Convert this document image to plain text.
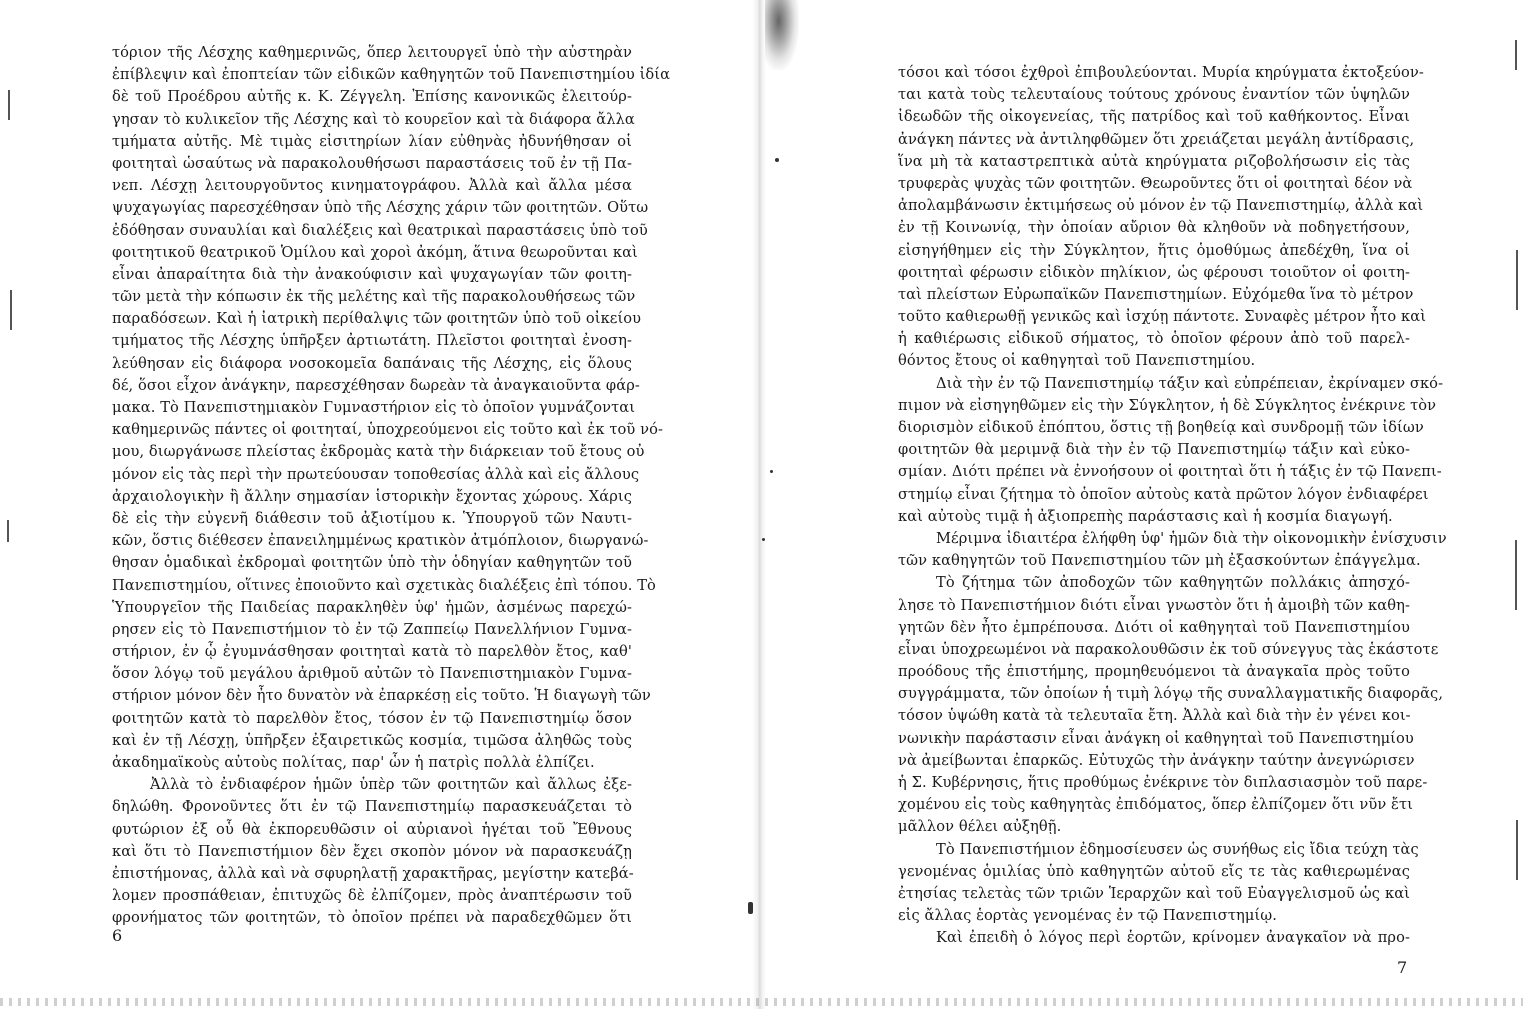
τόριον τῆς Λέσχης καθημερινῶς, ὅπερ λειτουργεῖ ὑπὸ τὴν αὐστηρὰν
ἐπίβλεψιν καὶ ἐποπτείαν τῶν εἰδικῶν καθηγητῶν τοῦ Πανεπιστημίου ἰδία
δὲ τοῦ Προέδρου αὐτῆς κ. Κ. Ζέγγελη. Ἐπίσης κανονικῶς ἐλειτούρ-
γησαν τὸ κυλικεῖον τῆς Λέσχης καὶ τὸ κουρεῖον καὶ τὰ διάφορα ἄλλα
τμήματα αὐτῆς. Μὲ τιμὰς εἰσιτηρίων λίαν εὐθηνὰς ἠδυνήθησαν οἱ
φοιτηταὶ ὡσαύτως νὰ παρακολουθήσωσι παραστάσεις τοῦ ἐν τῇ Πα-
νεπ. Λέσχῃ λειτουργοῦντος κινηματογράφου. Ἀλλὰ καὶ ἄλλα μέσα
ψυχαγωγίας παρεσχέθησαν ὑπὸ τῆς Λέσχης χάριν τῶν φοιτητῶν. Οὕτω
ἐδόθησαν συναυλίαι καὶ διαλέξεις καὶ θεατρικαὶ παραστάσεις ὑπὸ τοῦ
φοιτητικοῦ θεατρικοῦ Ὁμίλου καὶ χοροὶ ἀκόμη, ἅτινα θεωροῦνται καὶ
εἶναι ἀπαραίτητα διὰ τὴν ἀνακούφισιν καὶ ψυχαγωγίαν τῶν φοιτη-
τῶν μετὰ τὴν κόπωσιν ἐκ τῆς μελέτης καὶ τῆς παρακολουθήσεως τῶν
παραδόσεων. Καὶ ἡ ἰατρικὴ περίθαλψις τῶν φοιτητῶν ὑπὸ τοῦ οἰκείου
τμήματος τῆς Λέσχης ὑπῆρξεν ἀρτιωτάτη. Πλεῖστοι φοιτηταὶ ἐνοση-
λεύθησαν εἰς διάφορα νοσοκομεῖα δαπάναις τῆς Λέσχης, εἰς ὅλους
δέ, ὅσοι εἶχον ἀνάγκην, παρεσχέθησαν δωρεὰν τὰ ἀναγκαιοῦντα φάρ-
μακα. Τὸ Πανεπιστημιακὸν Γυμναστήριον εἰς τὸ ὁποῖον γυμνάζονται
καθημερινῶς πάντες οἱ φοιτηταί, ὑποχρεούμενοι εἰς τοῦτο καὶ ἐκ τοῦ νό-
μου, διωργάνωσε πλείστας ἐκδρομὰς κατὰ τὴν διάρκειαν τοῦ ἔτους οὐ
μόνον εἰς τὰς περὶ τὴν πρωτεύουσαν τοποθεσίας ἀλλὰ καὶ εἰς ἄλλους
ἀρχαιολογικὴν ἢ ἄλλην σημασίαν ἱστορικὴν ἔχοντας χώρους. Χάρις
δὲ εἰς τὴν εὐγενῆ διάθεσιν τοῦ ἀξιοτίμου κ. Ὑπουργοῦ τῶν Ναυτι-
κῶν, ὅστις διέθεσεν ἐπανειλημμένως κρατικὸν ἀτμόπλοιον, διωργανώ-
θησαν ὁμαδικαὶ ἐκδρομαὶ φοιτητῶν ὑπὸ τὴν ὁδηγίαν καθηγητῶν τοῦ
Πανεπιστημίου, οἵτινες ἐποιοῦντο καὶ σχετικὰς διαλέξεις ἐπὶ τόπου. Τὸ
Ὑπουργεῖον τῆς Παιδείας παρακληθὲν ὑφ' ἡμῶν, ἀσμένως παρεχώ-
ρησεν εἰς τὸ Πανεπιστήμιον τὸ ἐν τῷ Ζαππείῳ Πανελλήνιον Γυμνα-
στήριον, ἐν ᾧ ἐγυμνάσθησαν φοιτηταὶ κατὰ τὸ παρελθὸν ἔτος, καθ'
ὅσον λόγῳ τοῦ μεγάλου ἀριθμοῦ αὐτῶν τὸ Πανεπιστημιακὸν Γυμνα-
στήριον μόνον δὲν ἦτο δυνατὸν νὰ ἐπαρκέσῃ εἰς τοῦτο. Ἡ διαγωγὴ τῶν
φοιτητῶν κατὰ τὸ παρελθὸν ἔτος, τόσον ἐν τῷ Πανεπιστημίῳ ὅσον
καὶ ἐν τῇ Λέσχῃ, ὑπῆρξεν ἐξαιρετικῶς κοσμία, τιμῶσα ἀληθῶς τοὺς
ἀκαδημαϊκοὺς αὐτοὺς πολίτας, παρ' ὧν ἡ πατρὶς πολλὰ ἐλπίζει.
Ἀλλὰ τὸ ἐνδιαφέρον ἡμῶν ὑπὲρ τῶν φοιτητῶν καὶ ἄλλως ἐξε-
δηλώθη. Φρονοῦντες ὅτι ἐν τῷ Πανεπιστημίῳ παρασκευάζεται τὸ
φυτώριον ἐξ οὗ θὰ ἐκπορευθῶσιν οἱ αὐριανοὶ ἡγέται τοῦ Ἔθνους
καὶ ὅτι τὸ Πανεπιστήμιον δὲν ἔχει σκοπὸν μόνον νὰ παρασκευάζῃ
ἐπιστήμονας, ἀλλὰ καὶ νὰ σφυρηλατῇ χαρακτῆρας, μεγίστην κατεβά-
λομεν προσπάθειαν, ἐπιτυχῶς δὲ ἐλπίζομεν, πρὸς ἀναπτέρωσιν τοῦ
φρονήματος τῶν φοιτητῶν, τὸ ὁποῖον πρέπει νὰ παραδεχθῶμεν ὅτι
6
τόσοι καὶ τόσοι ἐχθροὶ ἐπιβουλεύονται. Μυρία κηρύγματα ἐκτοξεύον-
ται κατὰ τοὺς τελευταίους τούτους χρόνους ἐναντίον τῶν ὑψηλῶν
ἰδεωδῶν τῆς οἰκογενείας, τῆς πατρίδος καὶ τοῦ καθήκοντος. Εἶναι
ἀνάγκη πάντες νὰ ἀντιληφθῶμεν ὅτι χρειάζεται μεγάλη ἀντίδρασις,
ἵνα μὴ τὰ καταστρεπτικὰ αὐτὰ κηρύγματα ριζοβολήσωσιν εἰς τὰς
τρυφερὰς ψυχὰς τῶν φοιτητῶν. Θεωροῦντες ὅτι οἱ φοιτηταὶ δέον νὰ
ἀπολαμβάνωσιν ἐκτιμήσεως οὐ μόνον ἐν τῷ Πανεπιστημίῳ, ἀλλὰ καὶ
ἐν τῇ Κοινωνίᾳ, τὴν ὁποίαν αὔριον θὰ κληθοῦν νὰ ποδηγετήσουν,
εἰσηγήθημεν εἰς τὴν Σύγκλητον, ἥτις ὁμοθύμως ἀπεδέχθη, ἵνα οἱ
φοιτηταὶ φέρωσιν εἰδικὸν πηλίκιον, ὡς φέρουσι τοιοῦτον οἱ φοιτη-
ταὶ πλείστων Εὐρωπαϊκῶν Πανεπιστημίων. Εὐχόμεθα ἵνα τὸ μέτρον
τοῦτο καθιερωθῇ γενικῶς καὶ ἰσχύῃ πάντοτε. Συναφὲς μέτρον ἦτο καὶ
ἡ καθιέρωσις εἰδικοῦ σήματος, τὸ ὁποῖον φέρουν ἀπὸ τοῦ παρελ-
θόντος ἔτους οἱ καθηγηταὶ τοῦ Πανεπιστημίου.
Διὰ τὴν ἐν τῷ Πανεπιστημίῳ τάξιν καὶ εὐπρέπειαν, ἐκρίναμεν σκό-
πιμον νὰ εἰσηγηθῶμεν εἰς τὴν Σύγκλητον, ἡ δὲ Σύγκλητος ἐνέκρινε τὸν
διορισμὸν εἰδικοῦ ἐπόπτου, ὅστις τῇ βοηθείᾳ καὶ συνδρομῇ τῶν ἰδίων
φοιτητῶν θὰ μεριμνᾷ διὰ τὴν ἐν τῷ Πανεπιστημίῳ τάξιν καὶ εὐκο-
σμίαν. Διότι πρέπει νὰ ἐννοήσουν οἱ φοιτηταὶ ὅτι ἡ τάξις ἐν τῷ Πανεπι-
στημίῳ εἶναι ζήτημα τὸ ὁποῖον αὐτοὺς κατὰ πρῶτον λόγον ἐνδιαφέρει
καὶ αὐτοὺς τιμᾷ ἡ ἀξιοπρεπὴς παράστασις καὶ ἡ κοσμία διαγωγή.
Μέριμνα ἰδιαιτέρα ἐλήφθη ὑφ' ἡμῶν διὰ τὴν οἰκονομικὴν ἐνίσχυσιν
τῶν καθηγητῶν τοῦ Πανεπιστημίου τῶν μὴ ἐξασκούντων ἐπάγγελμα.
Τὸ ζήτημα τῶν ἀποδοχῶν τῶν καθηγητῶν πολλάκις ἀπησχό-
λησε τὸ Πανεπιστήμιον διότι εἶναι γνωστὸν ὅτι ἡ ἀμοιβὴ τῶν καθη-
γητῶν δὲν ἦτο ἐμπρέπουσα. Διότι οἱ καθηγηταὶ τοῦ Πανεπιστημίου
εἶναι ὑποχρεωμένοι νὰ παρακολουθῶσιν ἐκ τοῦ σύνεγγυς τὰς ἑκάστοτε
προόδους τῆς ἐπιστήμης, προμηθευόμενοι τὰ ἀναγκαῖα πρὸς τοῦτο
συγγράμματα, τῶν ὁποίων ἡ τιμὴ λόγῳ τῆς συναλλαγματικῆς διαφορᾶς,
τόσον ὑψώθη κατὰ τὰ τελευταῖα ἔτη. Ἀλλὰ καὶ διὰ τὴν ἐν γένει κοι-
νωνικὴν παράστασιν εἶναι ἀνάγκη οἱ καθηγηταὶ τοῦ Πανεπιστημίου
νὰ ἀμείβωνται ἐπαρκῶς. Εὐτυχῶς τὴν ἀνάγκην ταύτην ἀνεγνώρισεν
ἡ Σ. Κυβέρνησις, ἥτις προθύμως ἐνέκρινε τὸν διπλασιασμὸν τοῦ παρε-
χομένου εἰς τοὺς καθηγητὰς ἐπιδόματος, ὅπερ ἐλπίζομεν ὅτι νῦν ἔτι
μᾶλλον θέλει αὐξηθῇ.
Τὸ Πανεπιστήμιον ἐδημοσίευσεν ὡς συνήθως εἰς ἴδια τεύχη τὰς
γενομένας ὁμιλίας ὑπὸ καθηγητῶν αὐτοῦ εἴς τε τὰς καθιερωμένας
ἐτησίας τελετὰς τῶν τριῶν Ἱεραρχῶν καὶ τοῦ Εὐαγγελισμοῦ ὡς καὶ
εἰς ἄλλας ἑορτὰς γενομένας ἐν τῷ Πανεπιστημίῳ.
Καὶ ἐπειδὴ ὁ λόγος περὶ ἑορτῶν, κρίνομεν ἀναγκαῖον νὰ προ-
7
